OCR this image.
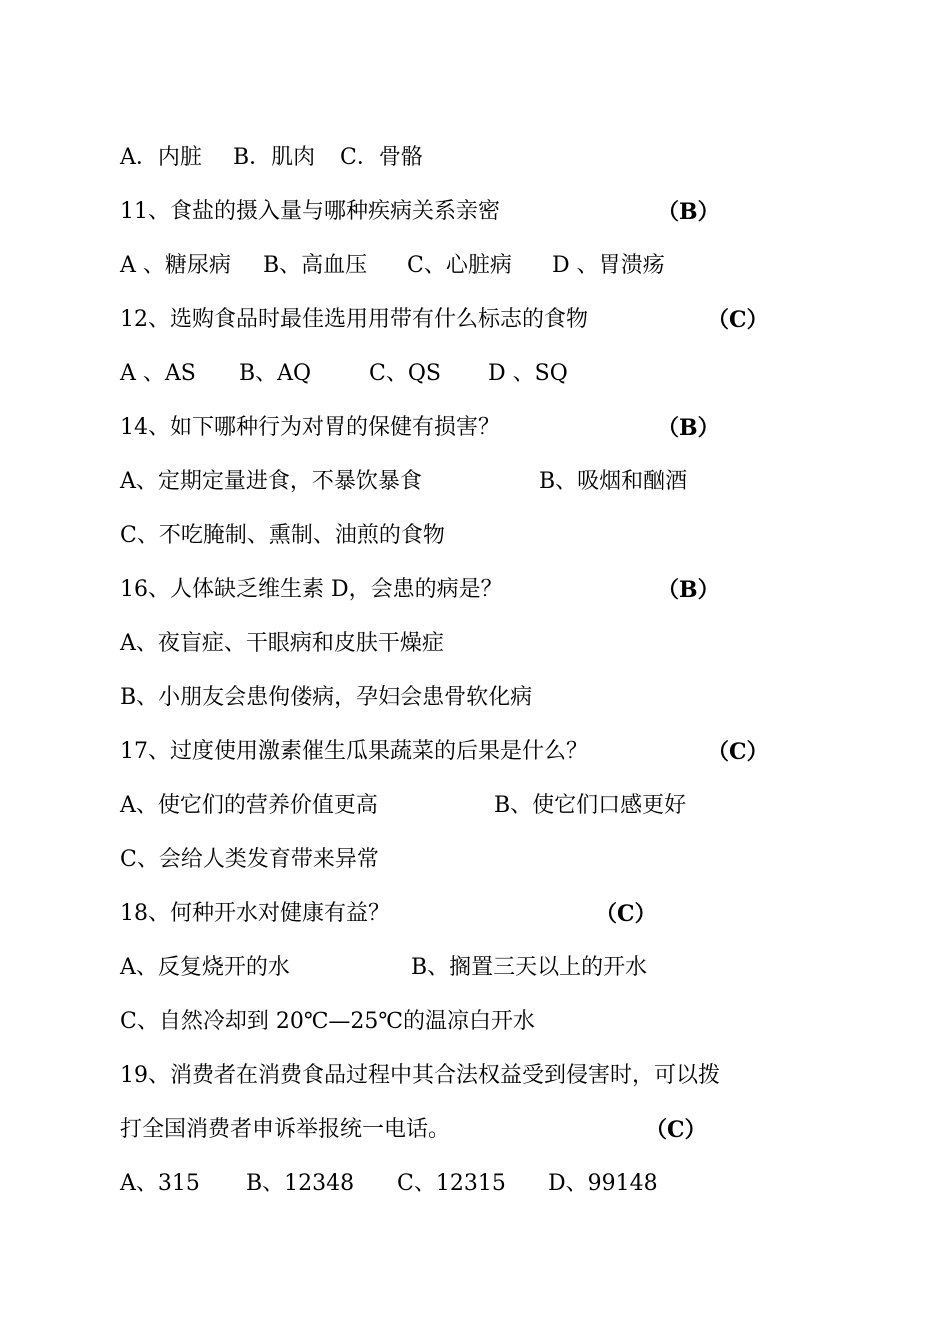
A．内脏 B．肌肉 C．骨骼
11、食盐的摄入量与哪种疾病关系亲密	（B）
A 、糖尿病 B、高血压 C、心脏病 D 、胃溃疡
12、选购食品时最佳选用用带有什么标志的食物	（C）
A 、AS B、AQ	C、QS D 、SQ
14、如下哪种行为对胃的保健有损害？	（B）
A、定期定量进食，不暴饮暴食	B、吸烟和酗酒
C、不吃腌制、熏制、油煎的食物
16、人体缺乏维生素 D，会患的病是？	（B）
A、夜盲症、干眼病和皮肤干燥症
B、小朋友会患佝偻病，孕妇会患骨软化病
17、过度使用激素催生瓜果蔬菜的后果是什么？	（C）
A、使它们的营养价值更高	B、使它们口感更好
C、会给人类发育带来异常
18、何种开水对健康有益？	（C）
A、反复烧开的水	B、搁置三天以上的开水
C、自然冷却到 20℃—25℃的温凉白开水
19、消费者在消费食品过程中其合法权益受到侵害时，可以拨
打全国消费者申诉举报统一电话。	（C）
A、315 B、12348 C、12315 D、99148
